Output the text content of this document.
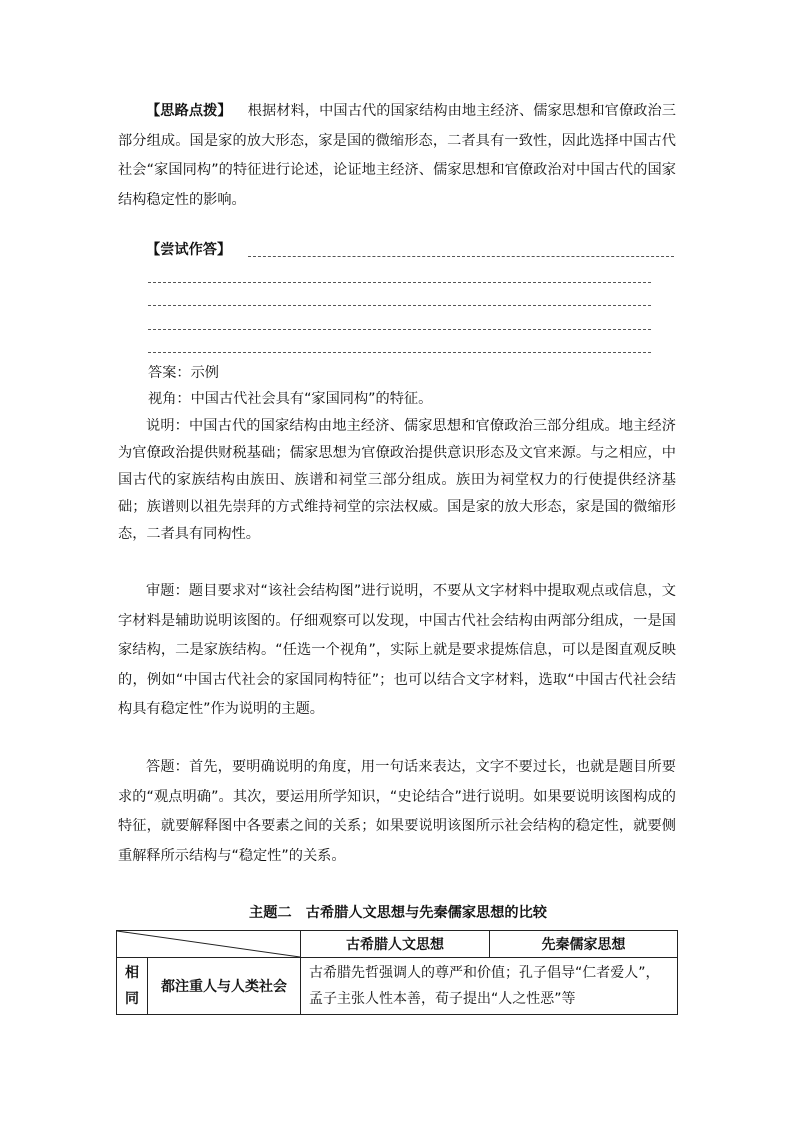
【思路点拨】 根据材料，中国古代的国家结构由地主经济、儒家思想和官僚政治三部分组成。国是家的放大形态，家是国的微缩形态，二者具有一致性，因此选择中国古代社会“家国同构”的特征进行论述，论证地主经济、儒家思想和官僚政治对中国古代的国家结构稳定性的影响。

【尝试作答】
答案：示例
视角：中国古代社会具有“家国同构”的特征。

说明：中国古代的国家结构由地主经济、儒家思想和官僚政治三部分组成。地主经济为官僚政治提供财税基础；儒家思想为官僚政治提供意识形态及文官来源。与之相应，中国古代的家族结构由族田、族谱和祠堂三部分组成。族田为祠堂权力的行使提供经济基础；族谱则以祖先崇拜的方式维持祠堂的宗法权威。国是家的放大形态，家是国的微缩形态，二者具有同构性。

审题：题目要求对“该社会结构图”进行说明，不要从文字材料中提取观点或信息，文字材料是辅助说明该图的。仔细观察可以发现，中国古代社会结构由两部分组成，一是国家结构，二是家族结构。“任选一个视角”，实际上就是要求提炼信息，可以是图直观反映的，例如“中国古代社会的家国同构特征”；也可以结合文字材料，选取“中国古代社会结构具有稳定性”作为说明的主题。

答题：首先，要明确说明的角度，用一句话来表达，文字不要过长，也就是题目所要求的“观点明确”。其次，要运用所学知识，“史论结合”进行说明。如果要说明该图构成的特征，就要解释图中各要素之间的关系；如果要说明该图所示社会结构的稳定性，就要侧重解释所示结构与“稳定性”的关系。

主题二　古希腊人文思想与先秦儒家思想的比较
	古希腊人文思想	先秦儒家思想
相同	都注重人与人类社会	古希腊先哲强调人的尊严和价值；孔子倡导“仁者爱人”，孟子主张人性本善，荀子提出“人之性恶”等	
